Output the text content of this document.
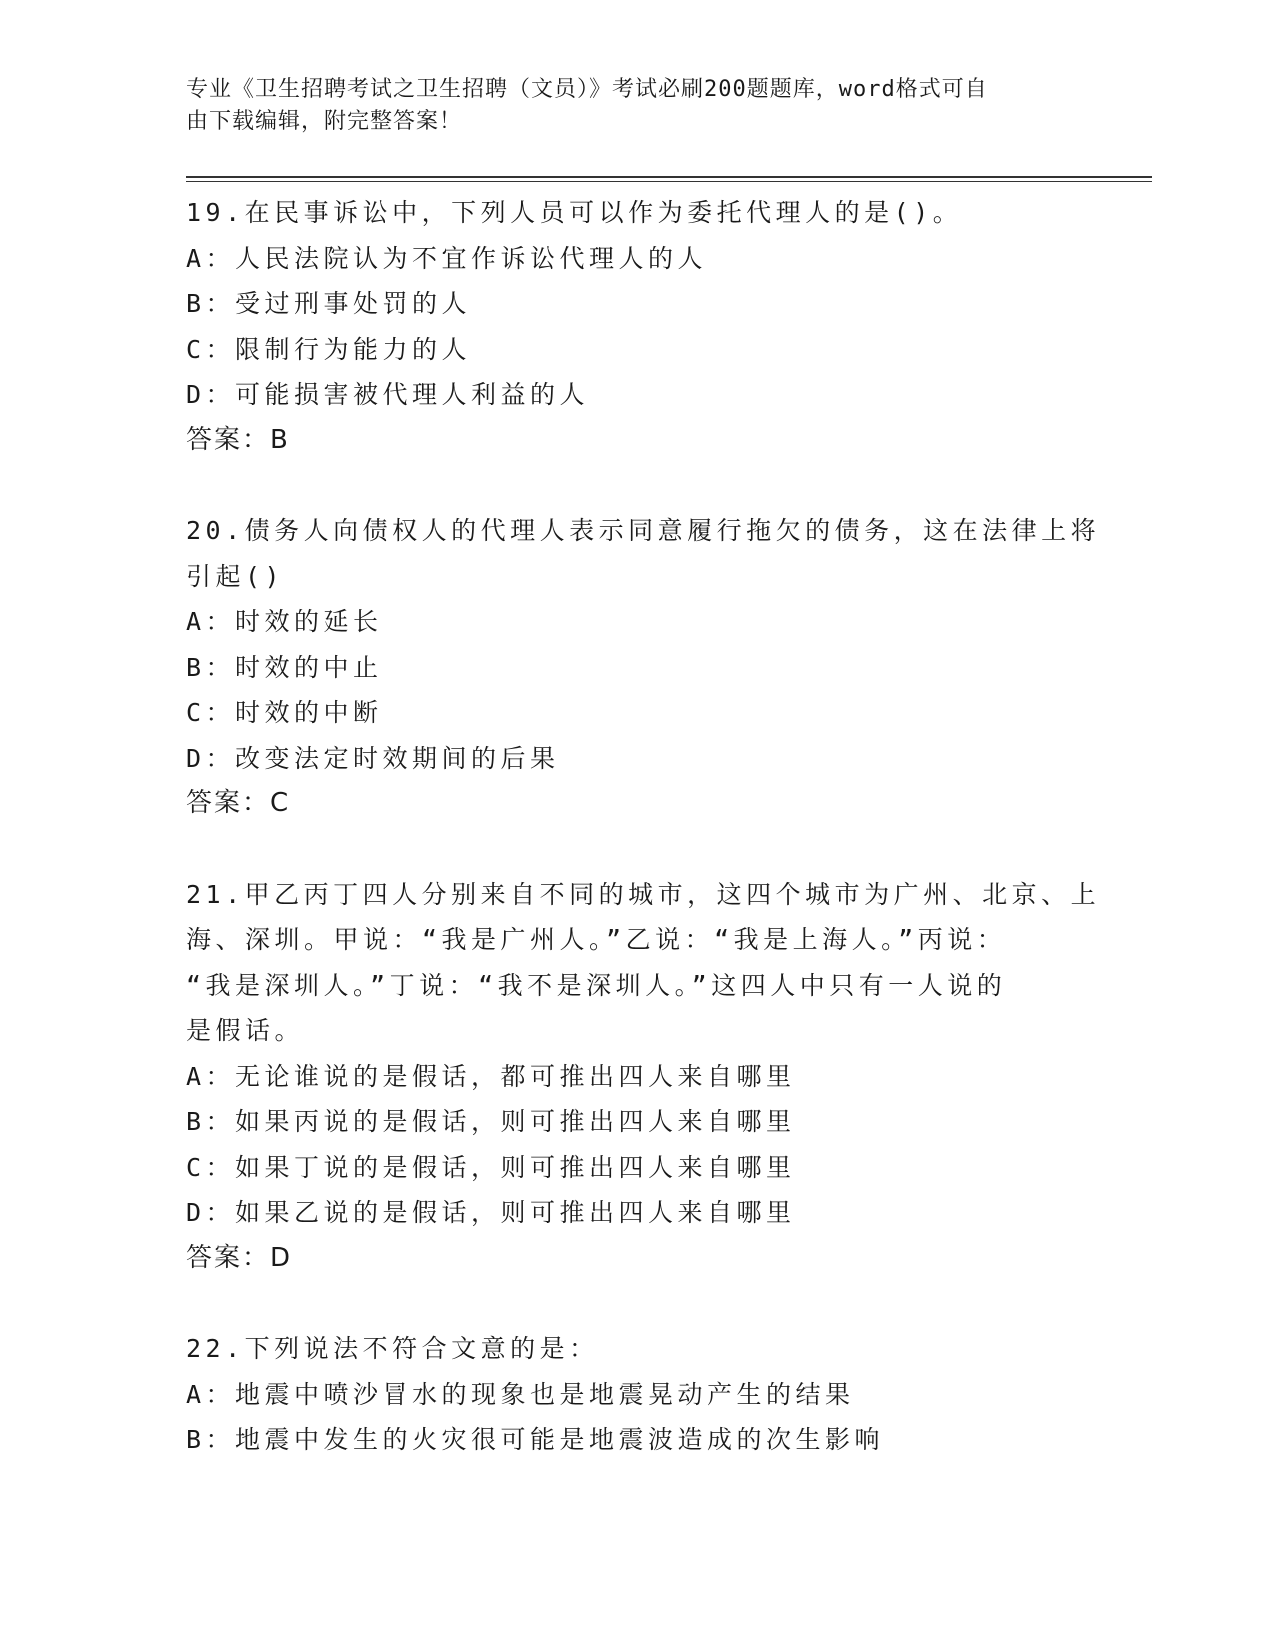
专业《卫生招聘考试之卫生招聘（文员）》考试必刷200题题库，word格式可自
由下载编辑，附完整答案！
19.在民事诉讼中，下列人员可以作为委托代理人的是()。
A：人民法院认为不宜作诉讼代理人的人
B：受过刑事处罚的人
C：限制行为能力的人
D：可能损害被代理人利益的人
答案：B
20.债务人向债权人的代理人表示同意履行拖欠的债务，这在法律上将
引起()
A：时效的延长
B：时效的中止
C：时效的中断
D：改变法定时效期间的后果
答案：C
21.甲乙丙丁四人分别来自不同的城市，这四个城市为广州、北京、上
海、深圳。甲说：“我是广州人。”乙说：“我是上海人。”丙说：
“我是深圳人。”丁说：“我不是深圳人。”这四人中只有一人说的
是假话。
A：无论谁说的是假话，都可推出四人来自哪里
B：如果丙说的是假话，则可推出四人来自哪里
C：如果丁说的是假话，则可推出四人来自哪里
D：如果乙说的是假话，则可推出四人来自哪里
答案：D
22.下列说法不符合文意的是：
A：地震中喷沙冒水的现象也是地震晃动产生的结果
B：地震中发生的火灾很可能是地震波造成的次生影响
